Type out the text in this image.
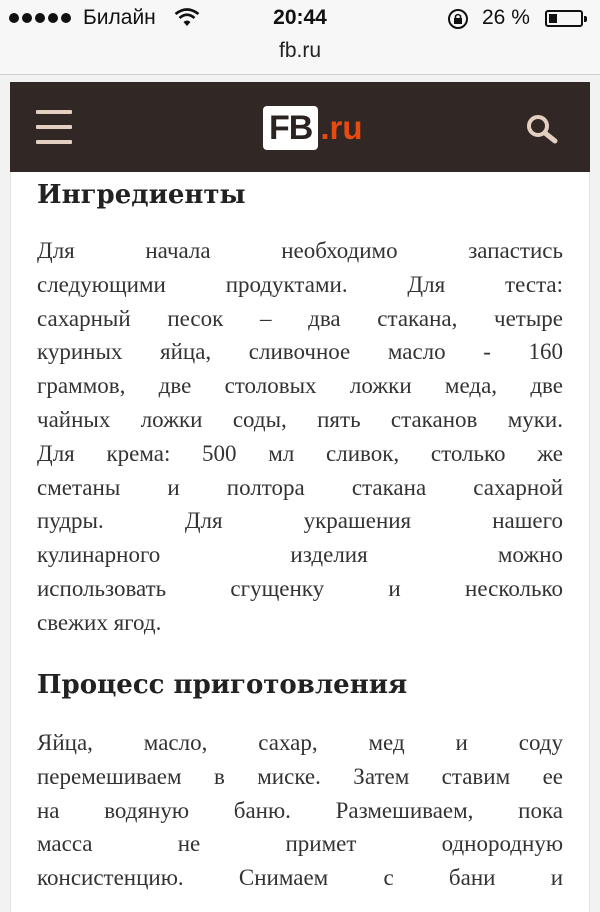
Билайн	20:44	26 %
fb.ru
FB .ru
Ингредиенты

Для начала необходимо запастись

следующими продуктами. Для теста:

сахарный песок – два стакана, четыре

куриных яйца, сливочное масло - 160

граммов, две столовых ложки меда, две

чайных ложки соды, пять стаканов муки.

Для крема: 500 мл сливок, столько же

сметаны и полтора стакана сахарной

пудры. Для украшения нашего

кулинарного изделия можно

использовать сгущенку и несколько

свежих ягод.

Процесс приготовления

Яйца, масло, сахар, мед и соду

перемешиваем в миске. Затем ставим ее

на водяную баню. Размешиваем, пока

масса не примет однородную

консистенцию. Снимаем с бани и
